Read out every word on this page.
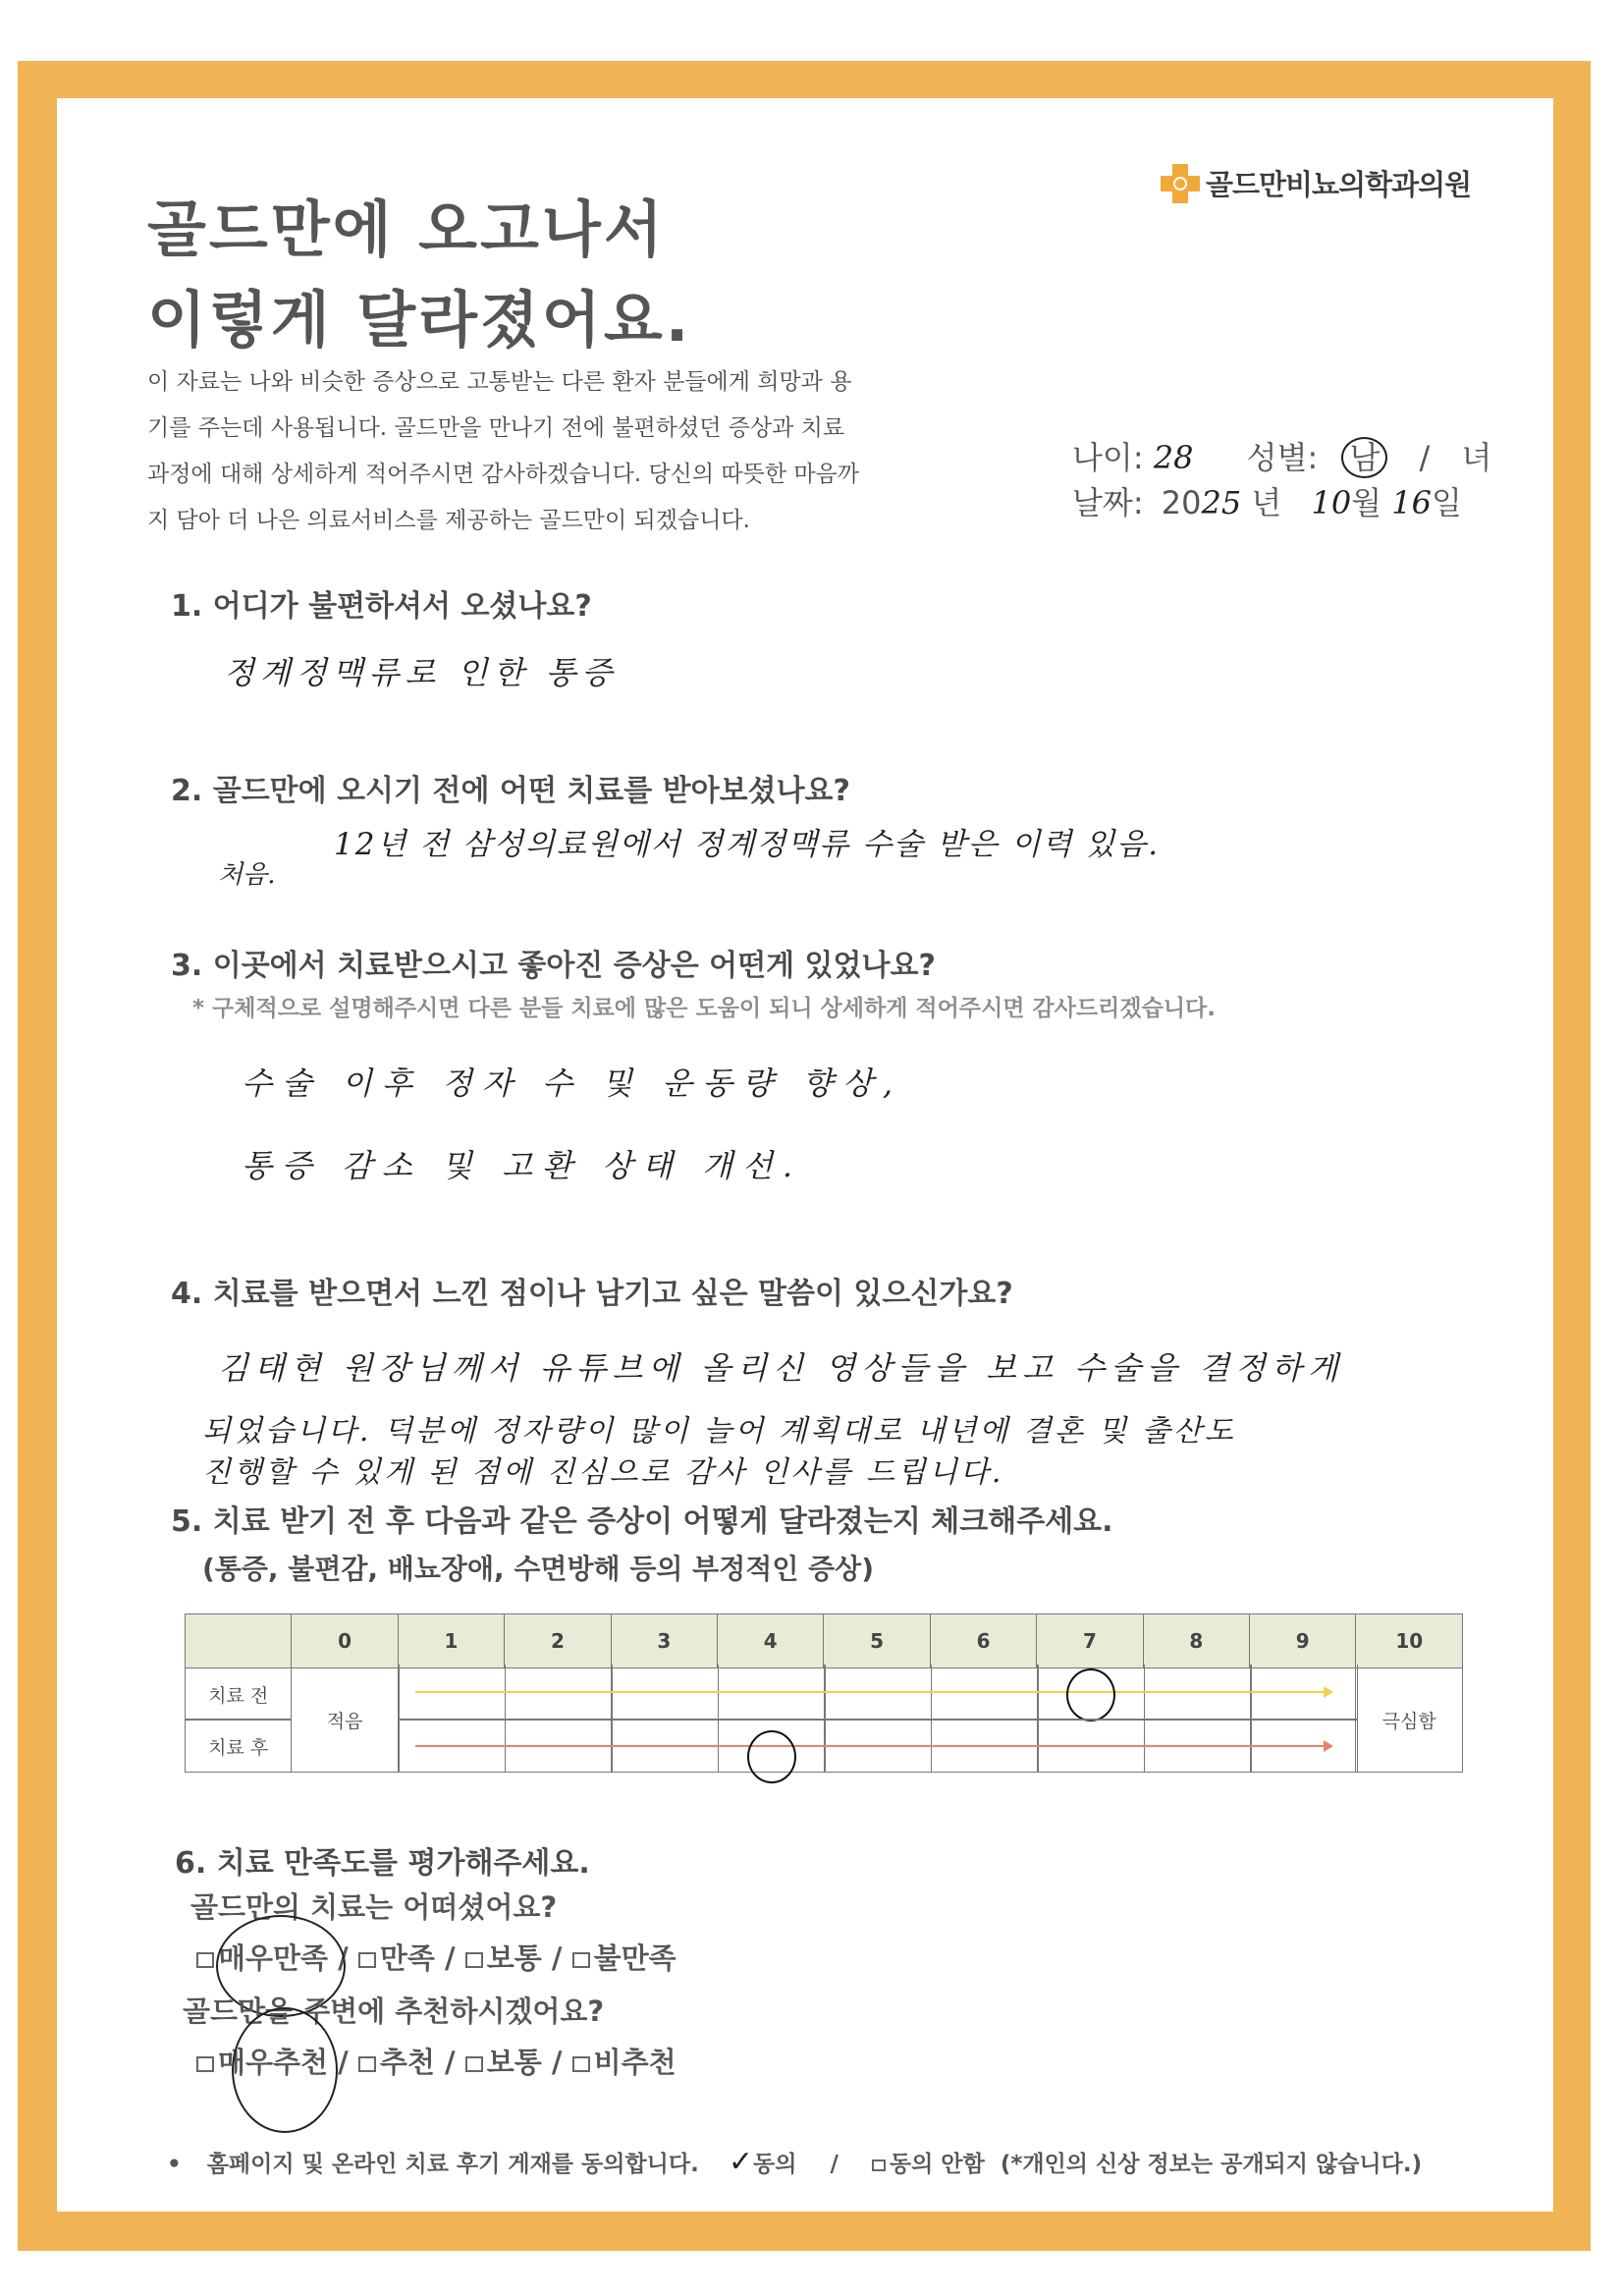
골드만비뇨의학과의원
골드만에 오고나서
이렇게 달라졌어요.
이 자료는 나와 비슷한 증상으로 고통받는 다른 환자 분들에게 희망과 용
기를 주는데 사용됩니다. 골드만을 만나기 전에 불편하셨던 증상과 치료
과정에 대해 상세하게 적어주시면 감사하겠습니다. 당신의 따뜻한 마음까
지 담아 더 나은 의료서비스를 제공하는 골드만이 되겠습니다.
나이: 28 성별: 남 / 녀
날짜: 2025 년 10월 16일
1. 어디가 불편하셔서 오셨나요?
정계정맥류로 인한 통증
2. 골드만에 오시기 전에 어떤 치료를 받아보셨나요?
처음.
12년 전 삼성의료원에서 정계정맥류 수술 받은 이력 있음.
3. 이곳에서 치료받으시고 좋아진 증상은 어떤게 있었나요?
* 구체적으로 설명해주시면 다른 분들 치료에 많은 도움이 되니 상세하게 적어주시면 감사드리겠습니다.
수술 이후 정자 수 및 운동량 향상,
통증 감소 및 고환 상태 개선.
4. 치료를 받으면서 느낀 점이나 남기고 싶은 말씀이 있으신가요?
김태현 원장님께서 유튜브에 올리신 영상들을 보고 수술을 결정하게
되었습니다. 덕분에 정자량이 많이 늘어 계획대로 내년에 결혼 및 출산도
진행할 수 있게 된 점에 진심으로 감사 인사를 드립니다.
5. 치료 받기 전 후 다음과 같은 증상이 어떻게 달라졌는지 체크해주세요.
(통증, 불편감, 배뇨장애, 수면방해 등의 부정적인 증상)
	0	1	2	3	4	5	6	7	8	9	10
치료 전	적음										극심함
치료 후											
6. 치료 만족도를 평가해주세요.
골드만의 치료는 어떠셨어요?
매우만족 / 만족 / 보통 / 불만족
골드만을 주변에 추천하시겠어요?
매우추천 / 추천 / 보통 / 비추천
• 홈페이지 및 온라인 치료 후기 게재를 동의합니다. ✓동의 / 동의 안함 (*개인의 신상 정보는 공개되지 않습니다.)
